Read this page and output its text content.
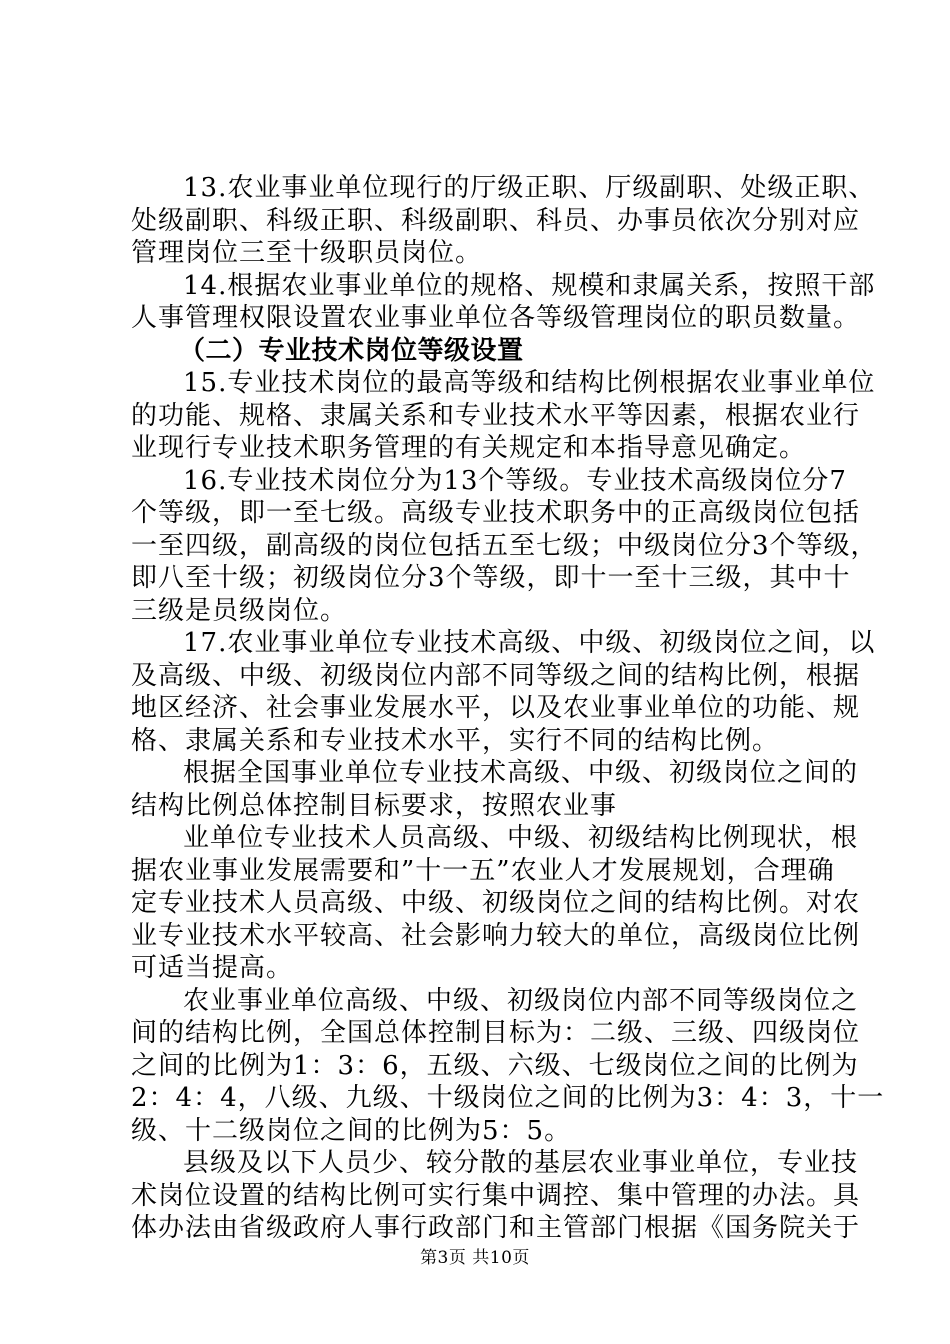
13.农业事业单位现行的厅级正职、厅级副职、处级正职、
处级副职、科级正职、科级副职、科员、办事员依次分别对应
管理岗位三至十级职员岗位。
14.根据农业事业单位的规格、规模和隶属关系，按照干部
人事管理权限设置农业事业单位各等级管理岗位的职员数量。
（二）专业技术岗位等级设置
15.专业技术岗位的最高等级和结构比例根据农业事业单位
的功能、规格、隶属关系和专业技术水平等因素，根据农业行
业现行专业技术职务管理的有关规定和本指导意见确定。
16.专业技术岗位分为13个等级。专业技术高级岗位分7
个等级，即一至七级。高级专业技术职务中的正高级岗位包括
一至四级，副高级的岗位包括五至七级；中级岗位分3个等级，
即八至十级；初级岗位分3个等级，即十一至十三级，其中十
三级是员级岗位。
17.农业事业单位专业技术高级、中级、初级岗位之间，以
及高级、中级、初级岗位内部不同等级之间的结构比例，根据
地区经济、社会事业发展水平，以及农业事业单位的功能、规
格、隶属关系和专业技术水平，实行不同的结构比例。
根据全国事业单位专业技术高级、中级、初级岗位之间的
结构比例总体控制目标要求，按照农业事
业单位专业技术人员高级、中级、初级结构比例现状，根
据农业事业发展需要和”十一五”农业人才发展规划，合理确
定专业技术人员高级、中级、初级岗位之间的结构比例。对农
业专业技术水平较高、社会影响力较大的单位，高级岗位比例
可适当提高。
农业事业单位高级、中级、初级岗位内部不同等级岗位之
间的结构比例，全国总体控制目标为：二级、三级、四级岗位
之间的比例为1：3：6，五级、六级、七级岗位之间的比例为
2：4：4，八级、九级、十级岗位之间的比例为3：4：3，十一
级、十二级岗位之间的比例为5：5。
县级及以下人员少、较分散的基层农业事业单位，专业技
术岗位设置的结构比例可实行集中调控、集中管理的办法。具
体办法由省级政府人事行政部门和主管部门根据《国务院关于
第3页 共10页
